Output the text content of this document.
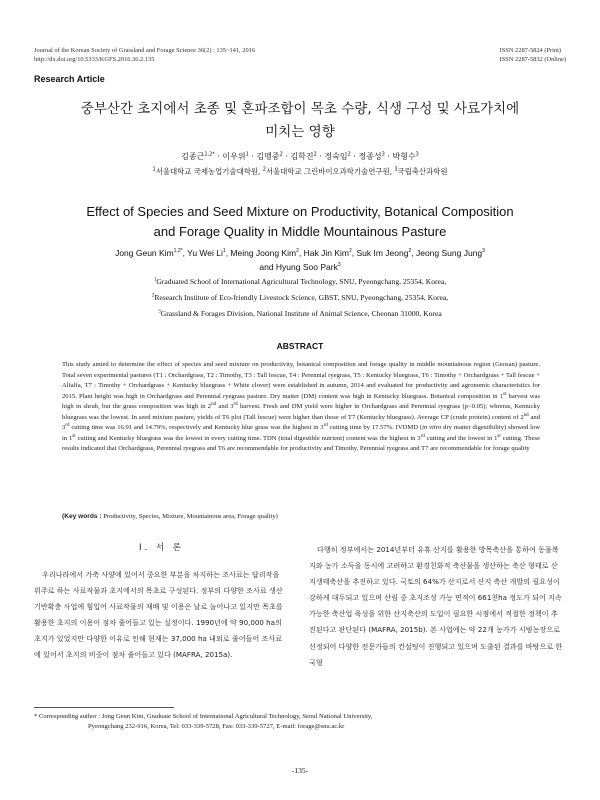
Journal of the Korean Society of Grassland and Forage Science 36(2) : 135~141, 2016
http://dx.doi.org/10.5333/KGFS.2016.36.2.135
ISSN 2287-5824 (Print)
ISSN 2287-5832 (Online)
Research Article
중부산간 초지에서 초종 및 혼파조합이 목초 수량, 식생 구성 및 사료가치에
미치는 영향
김종근$^{1,2*}$ · 이우위$^1$ · 김맹중$^2$ · 김학진$^2$ · 정숙임$^2$ · 정종성$^3$ · 박형수$^3$
$^1$서울대학교 국제농업기술대학원, $^2$서울대학교 그린바이오과학기술연구원, $^3$국립축산과학원
Effect of Species and Seed Mixture on Productivity, Botanical Composition
and Forage Quality in Middle Mountainous Pasture
Jong Geun Kim$^{1,2*}$, Yu Wei Li$^1$, Meing Joong Kim$^2$, Hak Jin Kim$^2$, Suk Im Jeong$^2$, Jeong Sung Jung$^3$
and Hyung Soo Park$^3$
$^1$Graduated School of International Agricultural Technology, SNU, Pyeongchang, 25354, Korea,
$^2$Research Institute of Eco-friendly Livestock Science, GBST, SNU, Pyeongchang, 25354, Korea,
$^3$Grassland & Forages Division, National Institute of Animal Science, Cheonan 31000, Korea
ABSTRACT
This study amied to determine the effect of species and seed mixture on productivity, botanical composition and forage quality in middle mountainous region (Geosan) pasture. Total seven experimental pastures (T1 : Orchardgrass, T2 : Timothy, T3 : Tall fescue, T4 : Perennial ryegrass, T5 : Kentucky bluegrass, T6 : Timothy + Orchardgrass + Tall fescue + Alfalfa, T7 : Timothy + Orchardgrass + Kentucky bluegrass + White clover) were established in autumn, 2014 and evaluated for productivity and agronomic characteristics for 2015. Plant height was high in Orchardgrass and Perennial ryegrass pasture. Dry matter (DM) content was high in Kentucky bluegrass. Botanical composition in 1st harvest was high in shrub, but the grass composition was high in 2nd and 3rd harvest. Fresh and DM yield were higher in Orchardgrass and Perennial ryegrass (p<0.05); whreras, Kentucky bluegrass was the lowest. In seed mixture pasture, yields of T6 plot (Tall fescue) were higher than those of T7 (Kentucky bluegrass). Average CP (crude protein) content of 2nd and 3rd cutting time was 16.91 and 14.79%, respectively and Kentucky blue grass was the highest in 3rd cutting time by 17.57%. IVDMD (in vitro dry matter digestibility) showed low in 1st cutting and Kentucky bluegrass was the lowest in every cutting time. TDN (total digestible nutrient) content was the highest in 3rd cutting and the lowest in 1st cutting. These results indicated that Orchardgrass, Perennial ryegrass and T6 are recommendable for productivity and Timothy, Perennial ryegrass and T7 are recommendable for forage quality
(Key words : Productivity, Species, Mixture, Mountainous area, Forage quality)
Ⅰ. 서 론

우리나라에서 가축 사양에 있어서 중요한 부분을 차지하는 조사료는 답리작을 위주로 하는 사료작물과 초지에서의 목초로 구성된다. 정부의 다양한 조사료 생산기반확충 사업에 힘입어 사료작물의 재배 및 이용은 날로 늘어나고 있지만 목초를 활용한 초지의 이용이 점차 줄어들고 있는 실정이다. 1990년에 약 90,000 ha의 초지가 있었지만 다양한 이유로 인해 현재는 37,000 ha 내외로 줄어들어 조사료에 있어서 초지의 비중이 점차 줄어들고 있다 (MAFRA, 2015a).

다행히 정부에서는 2014년부터 유휴 산지를 활용한 방목축산을 통하여 동물복지와 농가 소득을 동시에 고려하고 환경친화적 축산물을 생산하는 축산 형태로 산지생태축산을 추진하고 있다. 국토의 64%가 산지로서 산지 축산 개발의 필요성이 강하게 대두되고 있으며 산림 중 초지조성 가능 면적이 661천ha 정도가 되어 지속가능한 축산업 육성을 위한 산지축산의 도입이 필요한 시점에서 적절한 정책이 추진된다고 판단된다 (MAFRA, 2015b). 본 사업에는 약 22개 농가가 시범농장으로 선정되어 다양한 전문가들의 컨설팅이 진행되고 있으며 도출된 결과를 바탕으로 한국형

* Corresponding author : Jong Geun Kim, Graduate School of International Agricultural Technology, Seoul National University,
Pyeongchang 232-916, Korea, Tel: 033-339-5728, Fax: 033-339-5727, E-mail: forage@snu.ac.kr
-135-
